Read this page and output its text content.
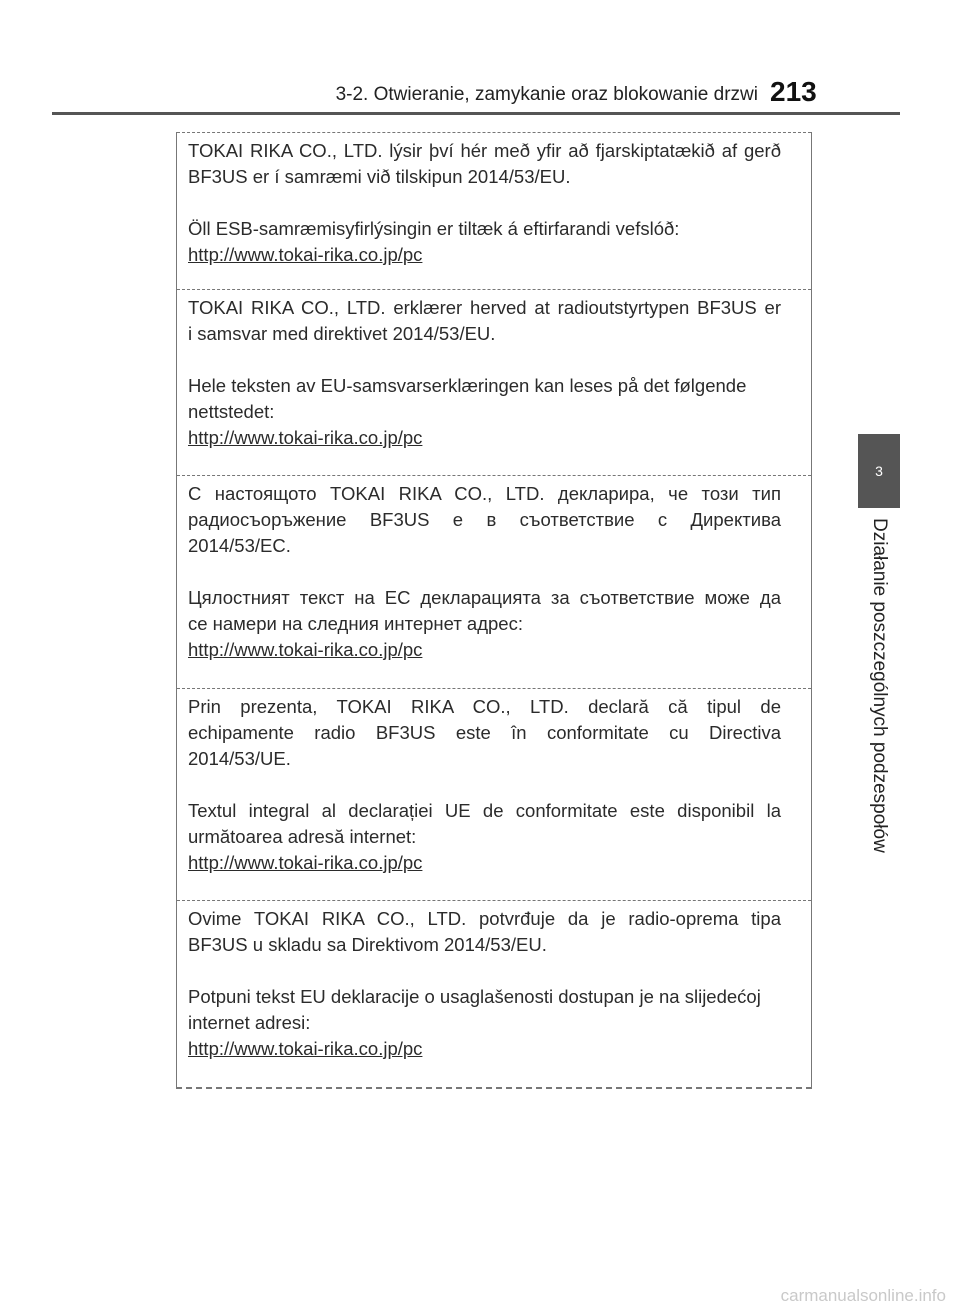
3-2. Otwieranie, zamykanie oraz blokowanie drzwi 213
3
Działanie poszczególnych podzespołów

TOKAI RIKA CO., LTD. lýsir því hér með yfir að fjarskiptatækið af gerð

BF3US er í samræmi við tilskipun 2014/53/EU.

Öll ESB-samræmisyfirlýsingin er tiltæk á eftirfarandi vefslóð:

http://www.tokai-rika.co.jp/pc

TOKAI RIKA CO., LTD. erklærer herved at radioutstyrtypen BF3US er

i samsvar med direktivet 2014/53/EU.

Hele teksten av EU-samsvarserklæringen kan leses på det følgende

nettstedet:

http://www.tokai-rika.co.jp/pc

С настоящото TOKAI RIKA CO., LTD. декларира, че този тип

радиосъоръжение BF3US е в съответствие с Директива

2014/53/ЕС.

Цялостният текст на ЕС декларацията за съответствие може да

се намери на следния интернет адрес:

http://www.tokai-rika.co.jp/pc

Prin prezenta, TOKAI RIKA CO., LTD. declară că tipul de

echipamente radio BF3US este în conformitate cu Directiva

2014/53/UE.

Textul integral al declarației UE de conformitate este disponibil la

următoarea adresă internet:

http://www.tokai-rika.co.jp/pc

Ovime TOKAI RIKA CO., LTD. potvrđuje da je radio-oprema tipa

BF3US u skladu sa Direktivom 2014/53/EU.

Potpuni tekst EU deklaracije o usaglašenosti dostupan je na slijedećoj

internet adresi:

http://www.tokai-rika.co.jp/pc

carmanualsonline.info
